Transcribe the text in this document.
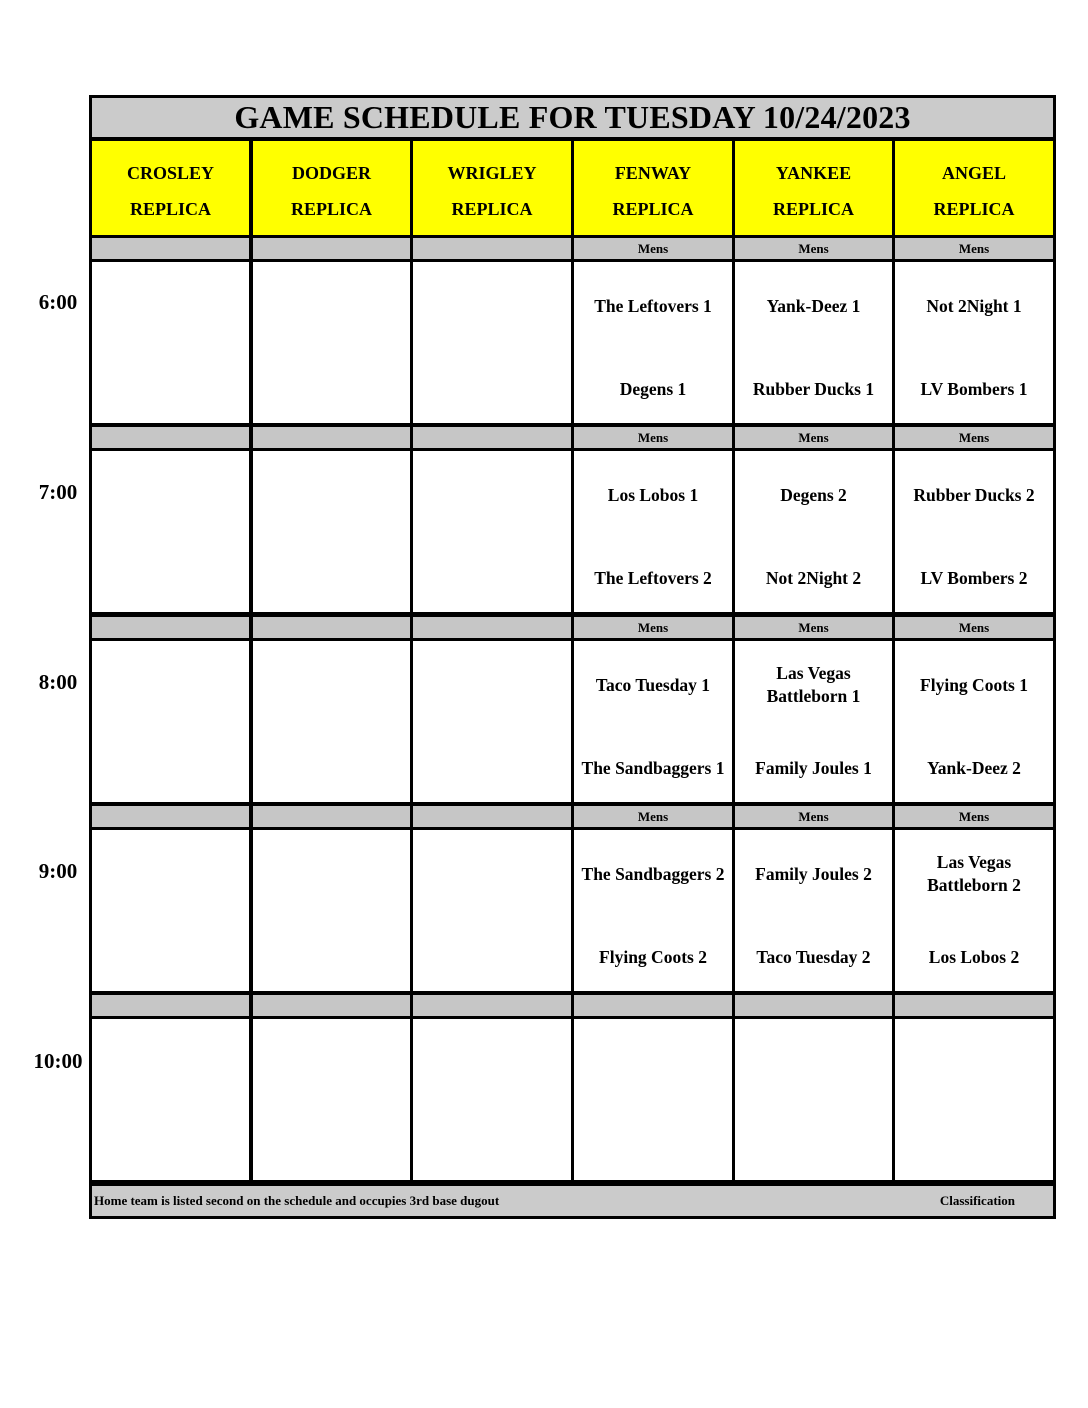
GAME SCHEDULE FOR TUESDAY 10/24/2023
Home team is listed second on the schedule and occupies 3rd base dugout	Classification
CROSLEY
REPLICA
DODGER
REPLICA
WRIGLEY
REPLICA
FENWAY
REPLICA
YANKEE
REPLICA
ANGEL
REPLICA
Mens
The Leftovers 1
Degens 1
Mens
Yank-Deez 1
Rubber Ducks 1
Mens
Not 2Night 1
LV Bombers 1
Mens
Los Lobos 1
The Leftovers 2
Mens
Degens 2
Not 2Night 2
Mens
Rubber Ducks 2
LV Bombers 2
Mens
Taco Tuesday 1
The Sandbaggers 1
Mens
Las Vegas Battleborn 1
Family Joules 1
Mens
Flying Coots 1
Yank-Deez 2
Mens
The Sandbaggers 2
Flying Coots 2
Mens
Family Joules 2
Taco Tuesday 2
Mens
Las Vegas Battleborn 2
Los Lobos 2
6:00
7:00
8:00
9:00
10:00
